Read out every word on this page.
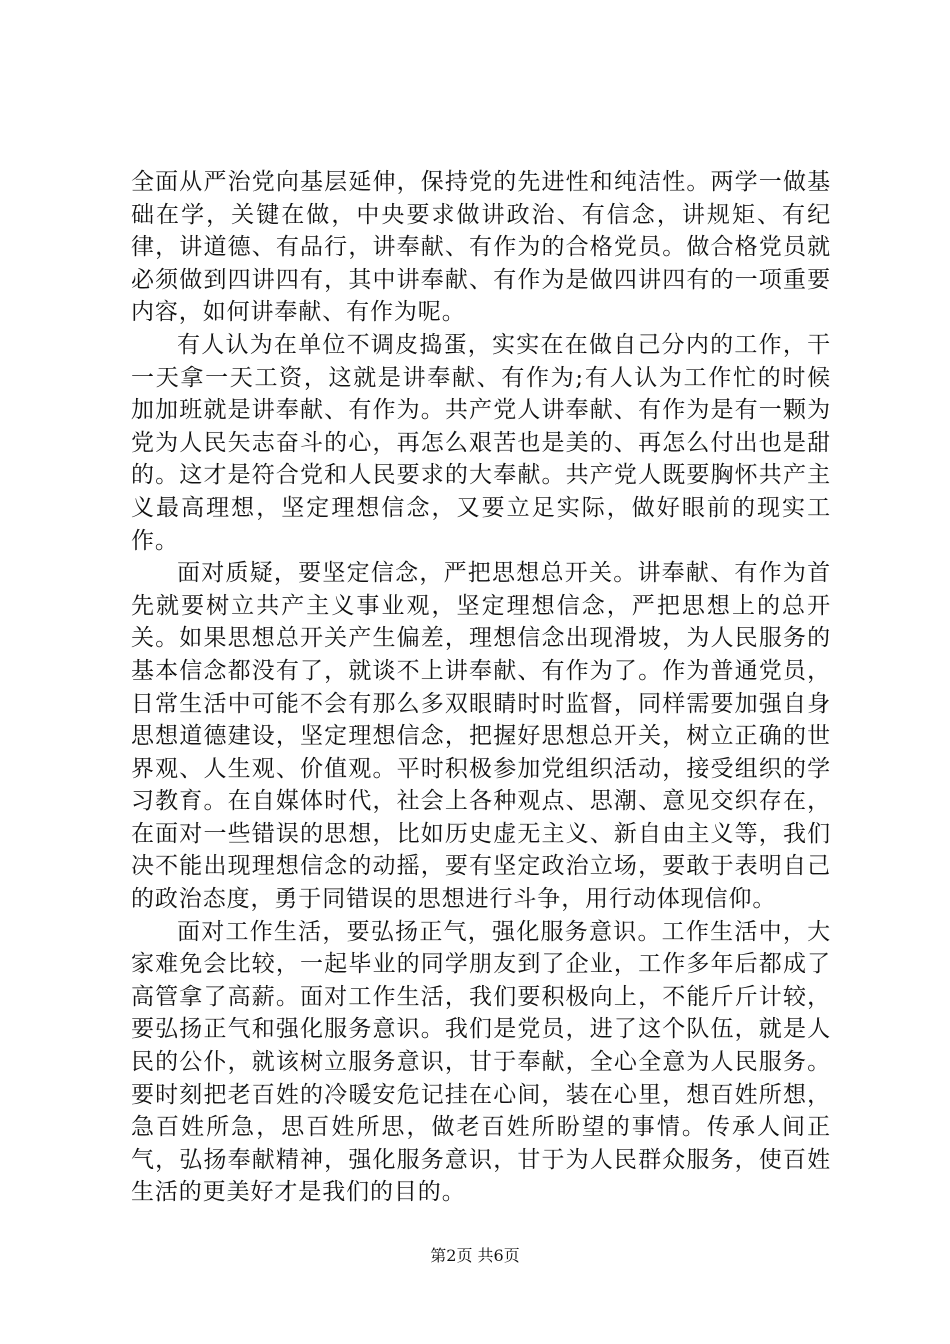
全面从严治党向基层延伸，保持党的先进性和纯洁性。两学一做基础在学，关键在做，中央要求做讲政治、有信念，讲规矩、有纪律，讲道德、有品行，讲奉献、有作为的合格党员。做合格党员就必须做到四讲四有，其中讲奉献、有作为是做四讲四有的一项重要内容，如何讲奉献、有作为呢。

有人认为在单位不调皮捣蛋，实实在在做自己分内的工作，干一天拿一天工资，这就是讲奉献、有作为;有人认为工作忙的时候加加班就是讲奉献、有作为。共产党人讲奉献、有作为是有一颗为党为人民矢志奋斗的心，再怎么艰苦也是美的、再怎么付出也是甜的。这才是符合党和人民要求的大奉献。共产党人既要胸怀共产主义最高理想，坚定理想信念，又要立足实际，做好眼前的现实工作。

面对质疑，要坚定信念，严把思想总开关。讲奉献、有作为首先就要树立共产主义事业观，坚定理想信念，严把思想上的总开关。如果思想总开关产生偏差，理想信念出现滑坡，为人民服务的基本信念都没有了，就谈不上讲奉献、有作为了。作为普通党员，日常生活中可能不会有那么多双眼睛时时监督，同样需要加强自身思想道德建设，坚定理想信念，把握好思想总开关，树立正确的世界观、人生观、价值观。平时积极参加党组织活动，接受组织的学习教育。在自媒体时代，社会上各种观点、思潮、意见交织存在，在面对一些错误的思想，比如历史虚无主义、新自由主义等，我们决不能出现理想信念的动摇，要有坚定政治立场，要敢于表明自己的政治态度，勇于同错误的思想进行斗争，用行动体现信仰。

面对工作生活，要弘扬正气，强化服务意识。工作生活中，大家难免会比较，一起毕业的同学朋友到了企业，工作多年后都成了高管拿了高薪。面对工作生活，我们要积极向上，不能斤斤计较，要弘扬正气和强化服务意识。我们是党员，进了这个队伍，就是人民的公仆，就该树立服务意识，甘于奉献，全心全意为人民服务。要时刻把老百姓的冷暖安危记挂在心间，装在心里，想百姓所想，急百姓所急，思百姓所思，做老百姓所盼望的事情。传承人间正气，弘扬奉献精神，强化服务意识，甘于为人民群众服务，使百姓生活的更美好才是我们的目的。

第2页 共6页
